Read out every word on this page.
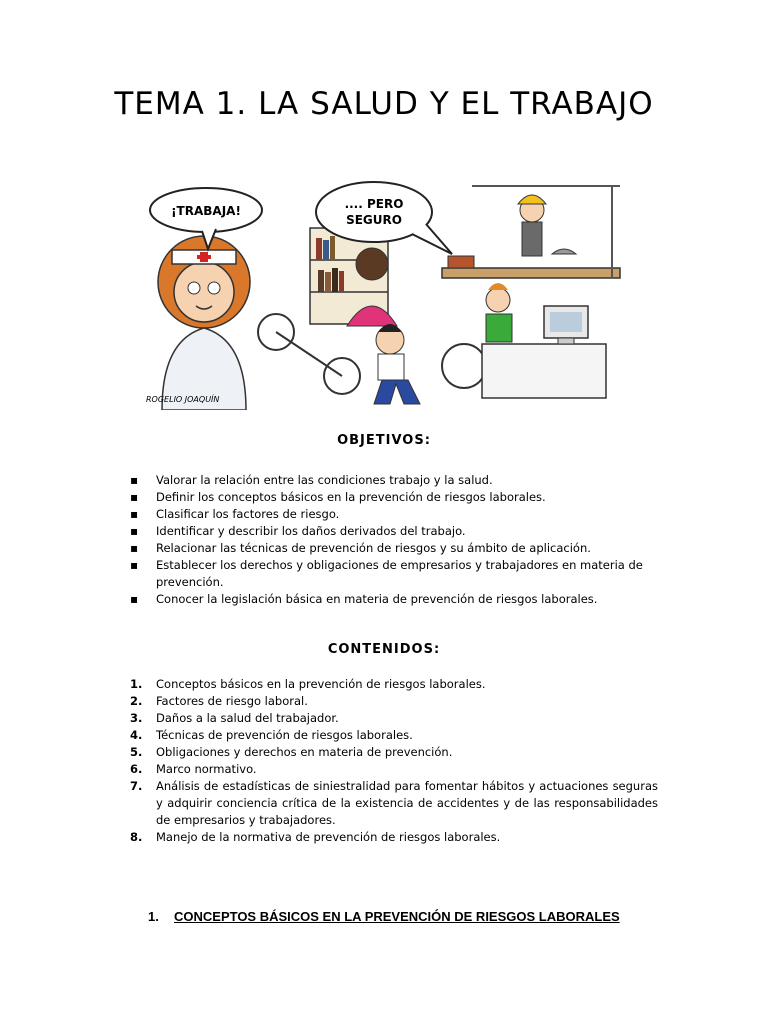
TEMA 1. LA SALUD Y EL TRABAJO
¡TRABAJA!	.... PERO
SEGURO
ROGELIO JOAQUÍN
OBJETIVOS:
▪ Valorar la relación entre las condiciones trabajo y la salud.
▪ Definir los conceptos básicos en la prevención de riesgos laborales.
▪ Clasificar los factores de riesgo.
▪ Identificar y describir los daños derivados del trabajo.
▪ Relacionar las técnicas de prevención de riesgos y su ámbito de aplicación.
▪ Establecer los derechos y obligaciones de empresarios y trabajadores en materia de prevención.
▪ Conocer la legislación básica en materia de prevención de riesgos laborales.
CONTENIDOS:
1. Conceptos básicos en la prevención de riesgos laborales.
2. Factores de riesgo laboral.
3. Daños a la salud del trabajador.
4. Técnicas de prevención de riesgos laborales.
5. Obligaciones y derechos en materia de prevención.
6. Marco normativo.
7. Análisis de estadísticas de siniestralidad para fomentar hábitos y actuaciones seguras y adquirir conciencia crítica de la existencia de accidentes y de las responsabilidades de empresarios y trabajadores.
8. Manejo de la normativa de prevención de riesgos laborales.
1. CONCEPTOS BÁSICOS EN LA PREVENCIÓN DE RIESGOS LABORALES
